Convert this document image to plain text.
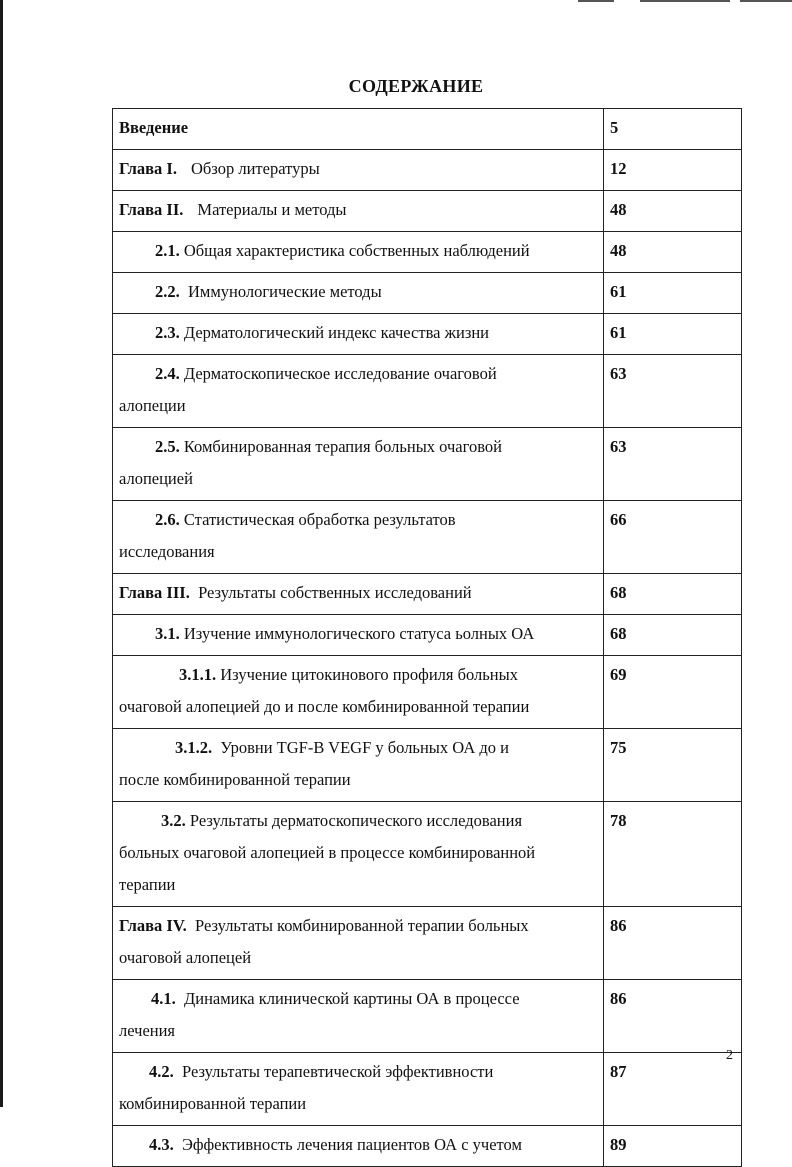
СОДЕРЖАНИЕ
Введение	5
Глава I. Обзор литературы	12
Глава II. Материалы и методы	48

2.1. Общая характеристика собственных наблюдений	48

2.2. Иммунологические методы	61

2.3. Дерматологический индекс качества жизни	61

2.4. Дерматоскопическое исследование очаговой
алопеции	63

2.5. Комбинированная терапия больных очаговой
алопецией	63

2.6. Статистическая обработка результатов
исследования	66
Глава III. Результаты собственных исследований	68

3.1. Изучение иммунологического статуса ьолных ОА	68

3.1.1. Изучение цитокинового профиля больных
очаговой алопецией до и после комбинированной терапии	69

3.1.2. Уровни TGF-B VEGF у больных ОА до и
после комбинированной терапии	75

3.2. Результаты дерматоскопического исследования
больных очаговой алопецией в процессе комбинированной
терапии	78

Глава IV. Результаты комбинированной терапии больных
очаговой алопецей	86

4.1. Динамика клинической картины ОА в процессе
лечения	86

4.2. Результаты терапевтической эффективности
комбинированной терапии	87

4.3. Эффективность лечения пациентов ОА с учетом	89
2
